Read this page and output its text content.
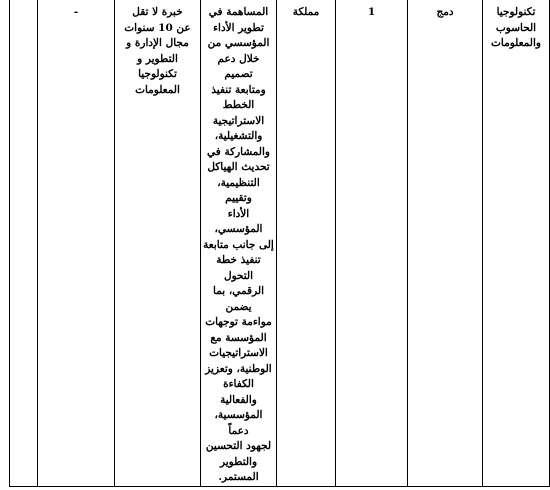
تكنولوجيا
الحاسوب
والمعلومات	دمج	1	مملكة	المساهمة في
تطوير الأداء
المؤسسي من
خلال دعم تصميم
ومتابعة تنفيذ
الخطط
الاستراتيجية
والتشغيلية،
والمشاركة في
تحديث الهياكل
التنظيمية، وتقييم
الأداء المؤسسي،
إلى جانب متابعة
تنفيذ خطة التحول
الرقمي، بما يضمن
مواءمة توجهات
المؤسسة مع
الاستراتيجيات
الوطنية، وتعزيز
الكفاءة والفعالية
المؤسسية، دعماً
لجهود التحسين
والتطوير المستمر.	خبرة لا تقل
عن 10 سنوات
مجال الإدارة و
التطوير و
تكنولوجيا
المعلومات	-	
